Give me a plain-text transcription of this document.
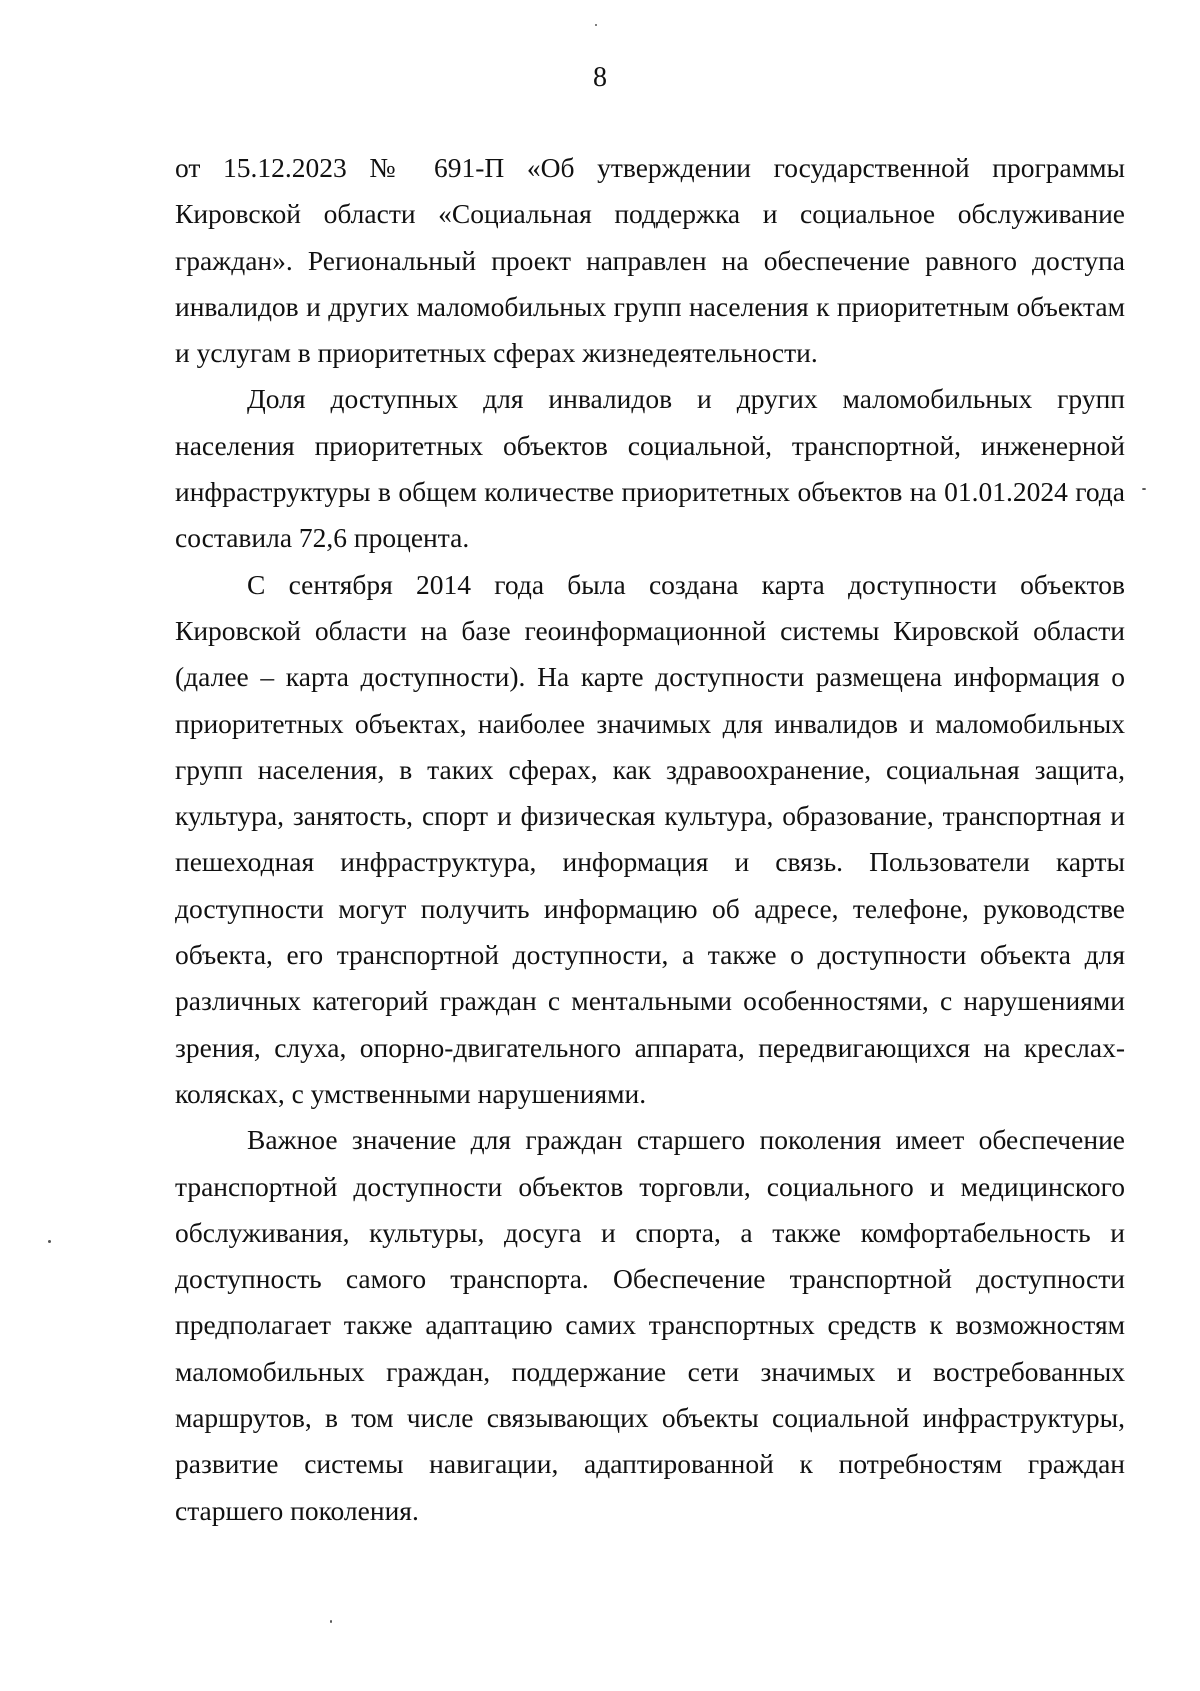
8

от 15.12.2023 № 691-П «Об утверждении государственной программы Кировской области «Социальная поддержка и социальное обслуживание граждан». Региональный проект направлен на обеспечение равного доступа инвалидов и других маломобильных групп населения к приоритетным объектам и услугам в приоритетных сферах жизнедеятельности.

Доля доступных для инвалидов и других маломобильных групп населения приоритетных объектов социальной, транспортной, инженерной инфраструктуры в общем количестве приоритетных объектов на 01.01.2024 года составила 72,6 процента.

С сентября 2014 года была создана карта доступности объектов Кировской области на базе геоинформационной системы Кировской области (далее – карта доступности). На карте доступности размещена информация о приоритетных объектах, наиболее значимых для инвалидов и маломобильных групп населения, в таких сферах, как здравоохранение, социальная защита, культура, занятость, спорт и физическая культура, образование, транспортная и пешеходная инфраструктура, информация и связь. Пользователи карты доступности могут получить информацию об адресе, телефоне, руководстве объекта, его транспортной доступности, а также о доступности объекта для различных категорий граждан с ментальными особенностями, с нарушениями зрения, слуха, опорно-двигательного аппарата, передвигающихся на креслах-колясках, с умственными нарушениями.

Важное значение для граждан старшего поколения имеет обеспечение транспортной доступности объектов торговли, социального и медицинского обслуживания, культуры, досуга и спорта, а также комфортабельность и доступность самого транспорта. Обеспечение транспортной доступности предполагает также адаптацию самих транспортных средств к возможностям маломобильных граждан, поддержание сети значимых и востребованных маршрутов, в том числе связывающих объекты социальной инфраструктуры, развитие системы навигации, адаптированной к потребностям граждан старшего поколения.
